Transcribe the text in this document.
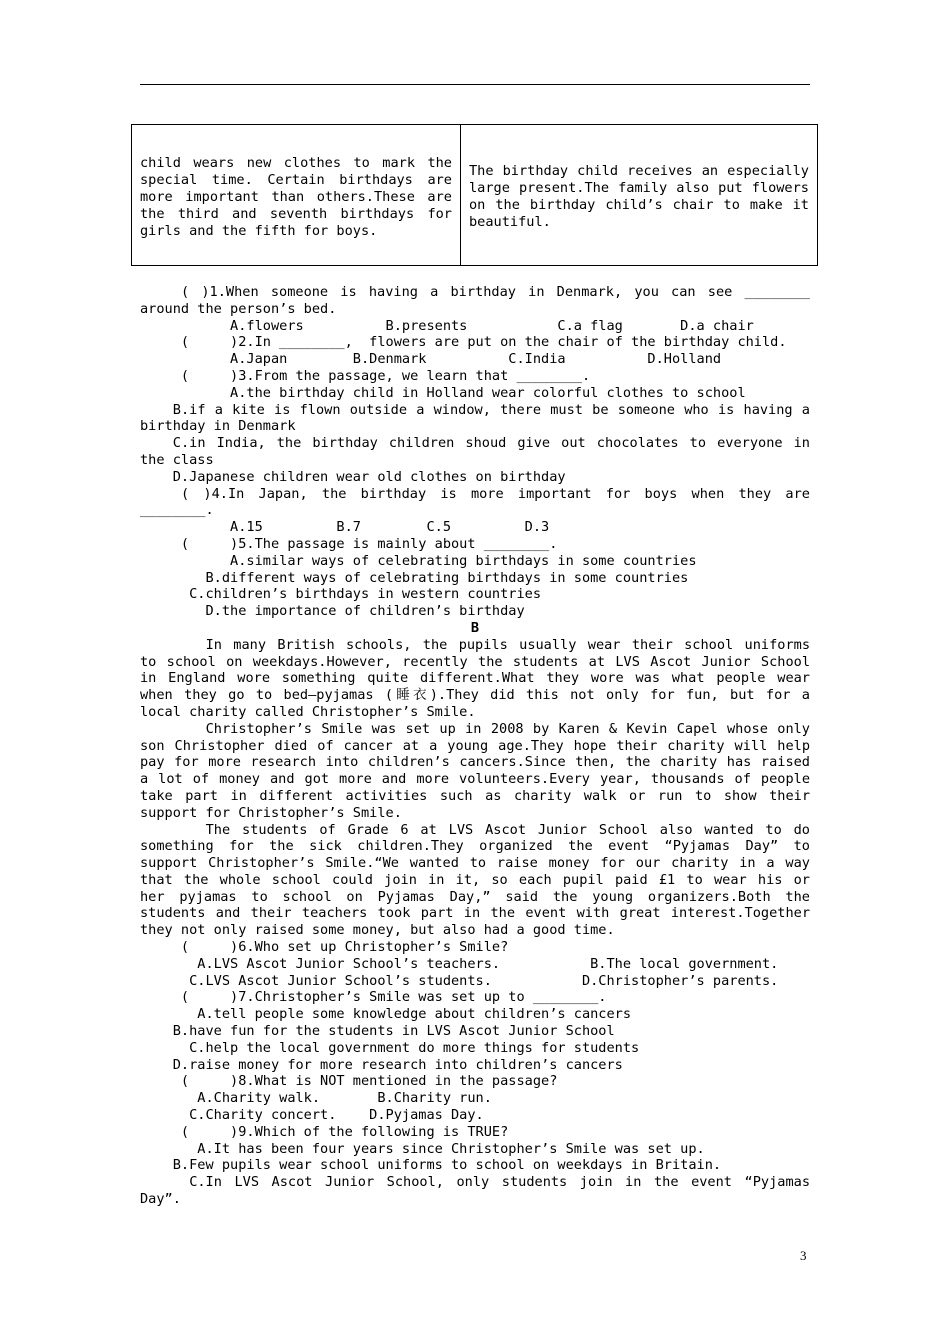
child wears new clothes to mark the special time. Certain birthdays are more important than others.These are the third and seventh birthdays for girls and the fifth for boys.
The birthday child receives an especially large present.The family also put flowers on the birthday child’s chair to make it beautiful.
( )1.When someone is having a birthday in Denmark, you can see ________
around the person’s bed.
A.flowers          B.presents           C.a flag       D.a chair
(     )2.In ________,  flowers are put on the chair of the birthday child.
A.Japan        B.Denmark          C.India          D.Holland
(     )3.From the passage, we learn that ________.
A.the birthday child in Holland wear colorful clothes to school
B.if a kite is flown outside a window, there must be someone who is having a
birthday in Denmark
C.in India, the birthday children shoud give out chocolates to everyone in
the class
D.Japanese children wear old clothes on birthday
( )4.In Japan, the birthday is more important for boys when they are
________.
A.15         B.7        C.5         D.3
(     )5.The passage is mainly about ________.
A.similar ways of celebrating birthdays in some countries
B.different ways of celebrating birthdays in some countries
C.children’s birthdays in western countries
D.the importance of children’s birthday
B
In many British schools, the pupils usually wear their school uniforms
to school on weekdays.However, recently the students at LVS Ascot Junior School
in England wore something quite different.What they wore was what people wear
when they go to bed—pyjamas (睡衣).They did this not only for fun, but for a
local charity called Christopher’s Smile.
Christopher’s Smile was set up in 2008 by Karen & Kevin Capel whose only
son Christopher died of cancer at a young age.They hope their charity will help
pay for more research into children’s cancers.Since then, the charity has raised
a lot of money and got more and more volunteers.Every year, thousands of people
take part in different activities such as charity walk or run to show their
support for Christopher’s Smile.
The students of Grade 6 at LVS Ascot Junior School also wanted to do
something for the sick children.They organized the event “Pyjamas Day” to
support Christopher’s Smile.“We wanted to raise money for our charity in a way
that the whole school could join in it, so each pupil paid £1 to wear his or
her pyjamas to school on Pyjamas Day,” said the young organizers.Both the
students and their teachers took part in the event with great interest.Together
they not only raised some money, but also had a good time.
(     )6.Who set up Christopher’s Smile?
A.LVS Ascot Junior School’s teachers.           B.The local government.
C.LVS Ascot Junior School’s students.           D.Christopher’s parents.
(     )7.Christopher’s Smile was set up to ________.
A.tell people some knowledge about children’s cancers
B.have fun for the students in LVS Ascot Junior School
C.help the local government do more things for students
D.raise money for more research into children’s cancers
(     )8.What is NOT mentioned in the passage?
A.Charity walk.       B.Charity run.
C.Charity concert.    D.Pyjamas Day.
(     )9.Which of the following is TRUE?
A.It has been four years since Christopher’s Smile was set up.
B.Few pupils wear school uniforms to school on weekdays in Britain.
C.In LVS Ascot Junior School, only students join in the event “Pyjamas
Day”.
3
